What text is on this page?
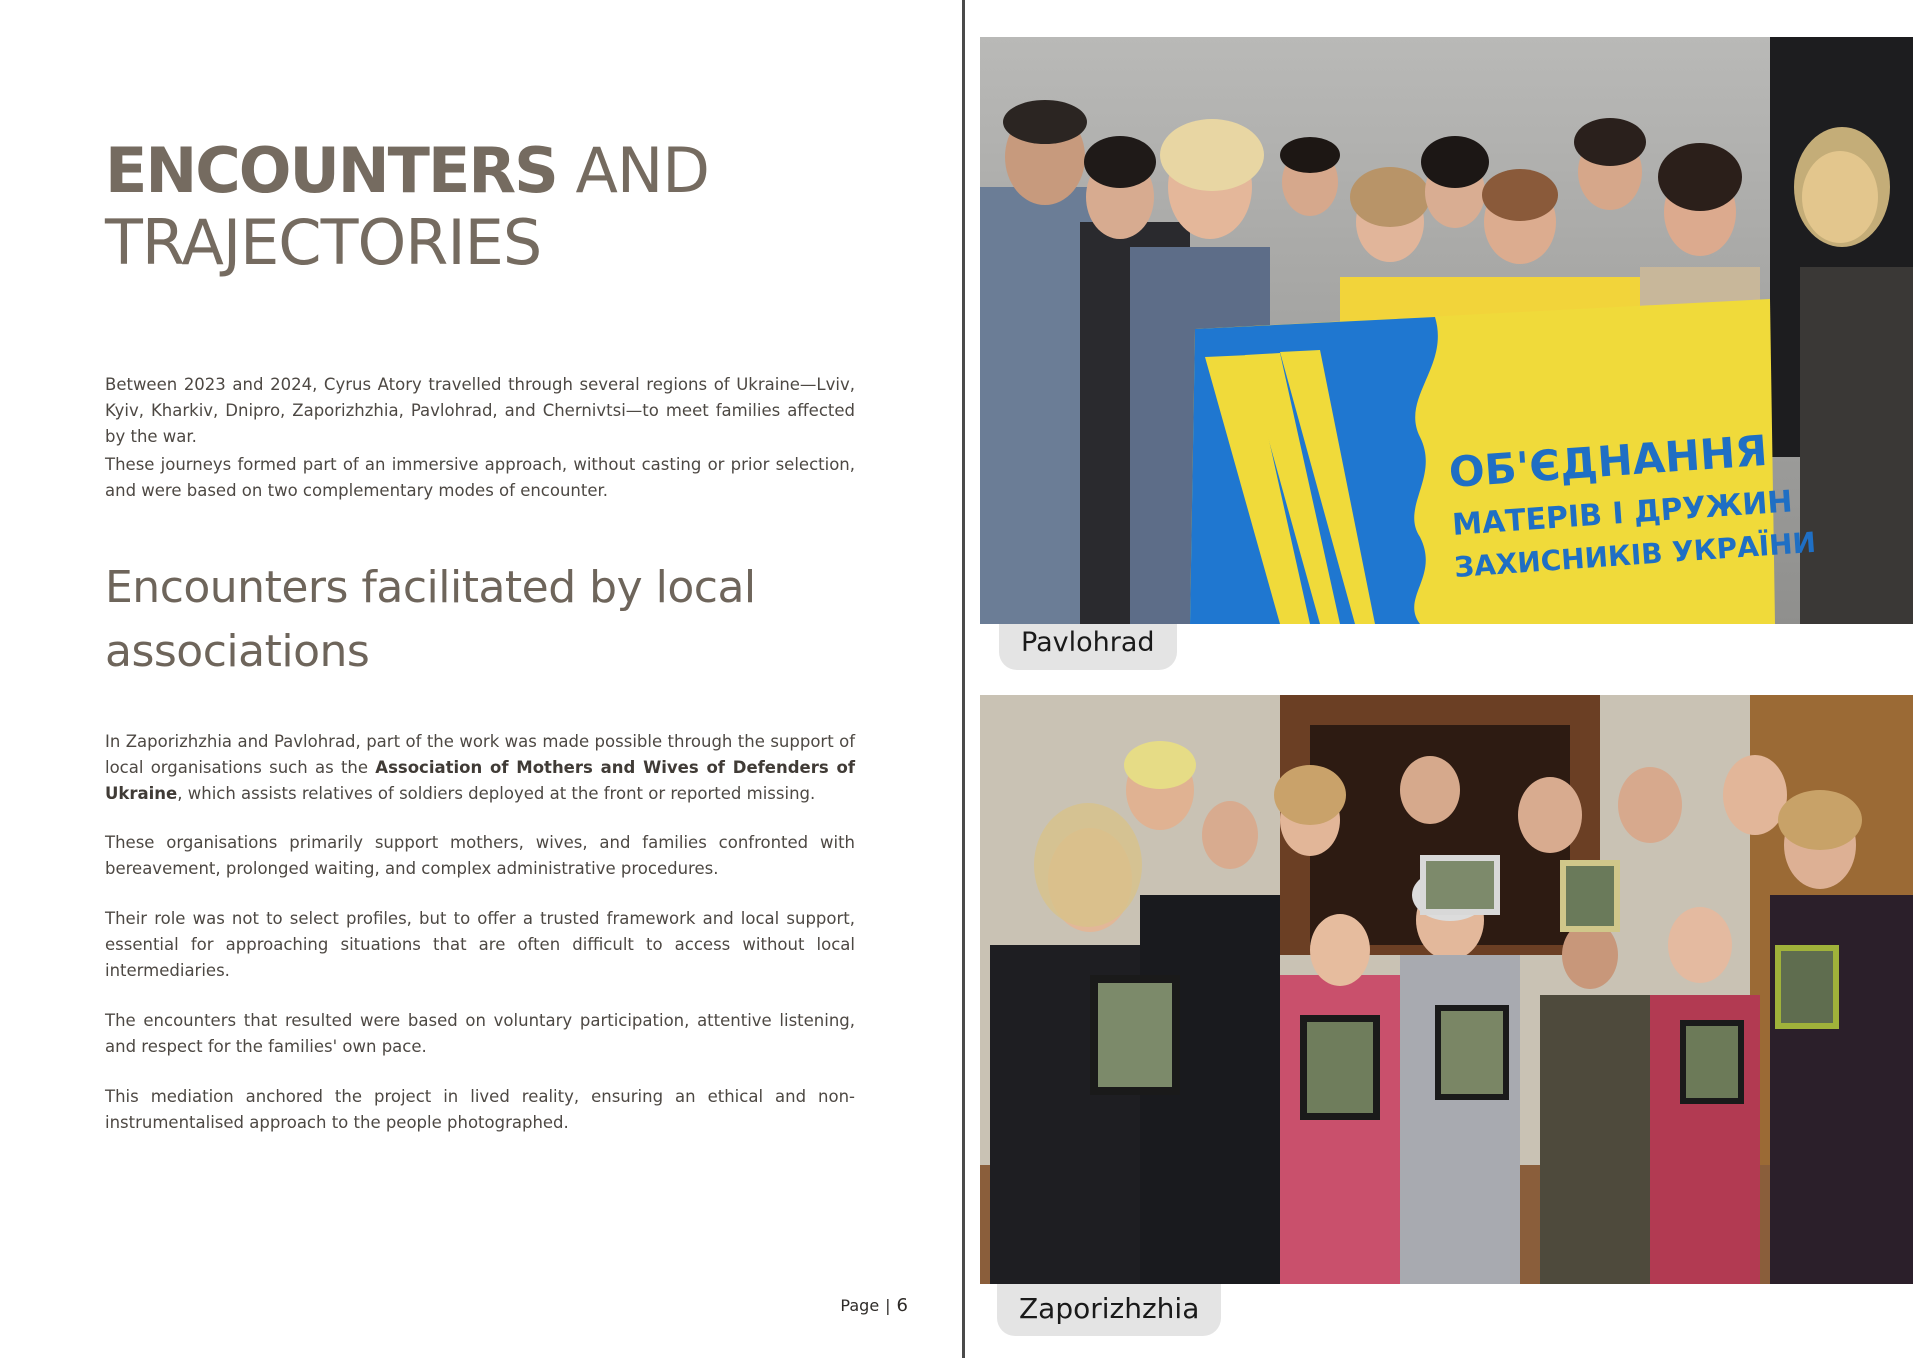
ENCOUNTERS AND
TRAJECTORIES

Between 2023 and 2024, Cyrus Atory travelled through several regions of Ukraine—Lviv, Kyiv, Kharkiv, Dnipro, Zaporizhzhia, Pavlohrad, and Chernivtsi—to meet families affected by the war.

These journeys formed part of an immersive approach, without casting or prior selection, and were based on two complementary modes of encounter.

Encounters facilitated by local associations

In Zaporizhzhia and Pavlohrad, part of the work was made possible through the support of local organisations such as the Association of Mothers and Wives of Defenders of Ukraine, which assists relatives of soldiers deployed at the front or reported missing.

These organisations primarily support mothers, wives, and families confronted with bereavement, prolonged waiting, and complex administrative procedures.

Their role was not to select profiles, but to offer a trusted framework and local support, essential for approaching situations that are often difficult to access without local intermediaries.

The encounters that resulted were based on voluntary participation, attentive listening, and respect for the families' own pace.

This mediation anchored the project in lived reality, ensuring an ethical and non-instrumentalised approach to the people photographed.

Page | 6
ОБ'ЄДНАННЯ
МАТЕРІВ І ДРУЖИН
ЗАХИСНИКІВ УКРАЇНИ
Pavlohrad
Zaporizhzhia
